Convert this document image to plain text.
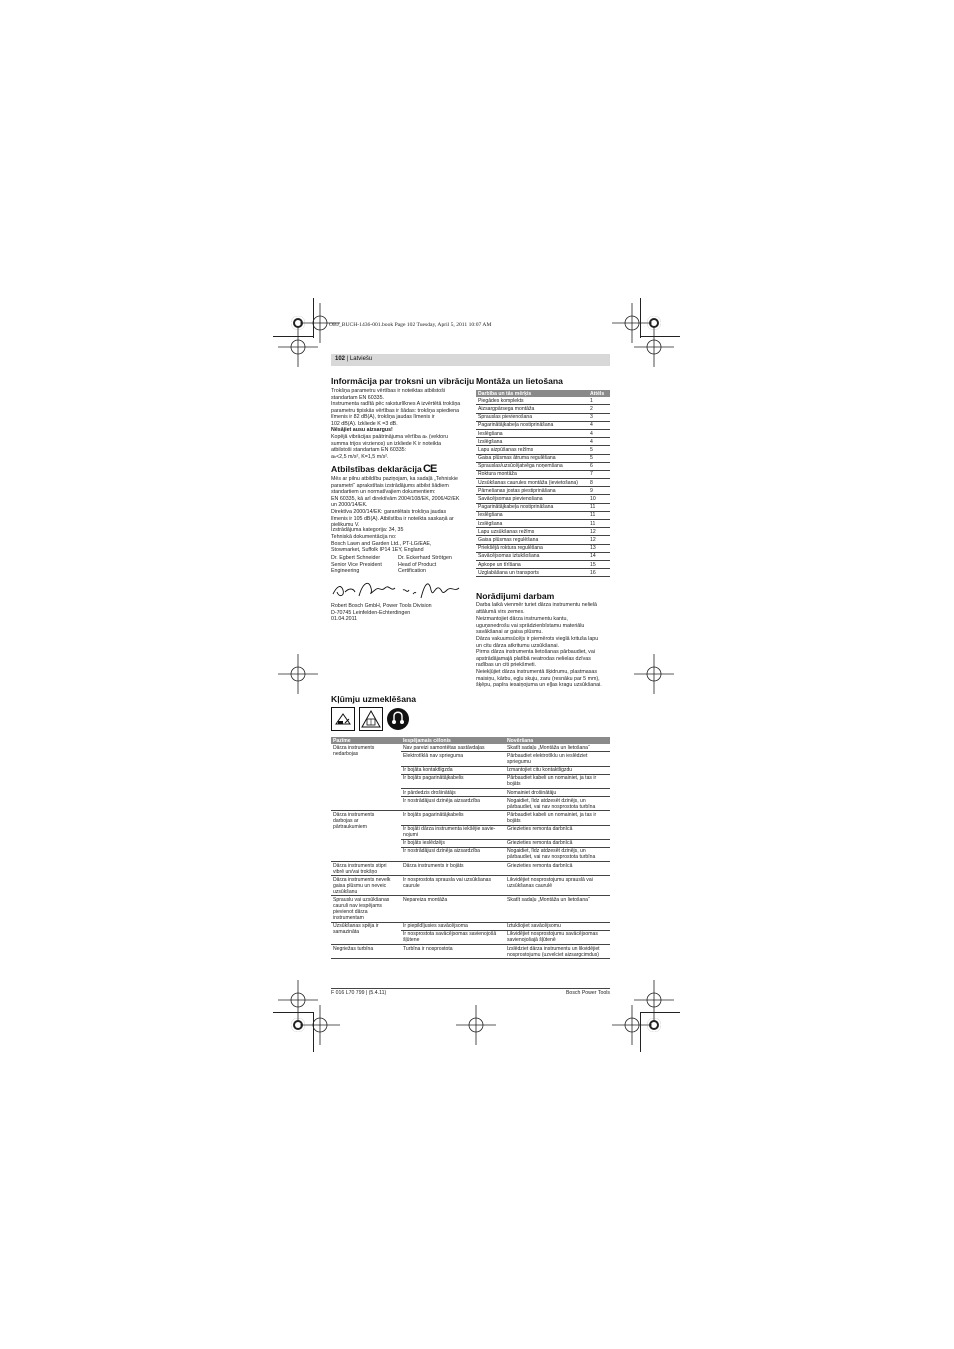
OBJ_BUCH-1436-001.book Page 102 Tuesday, April 5, 2011 10:07 AM
102 | Latviešu
Informācija par troksni un vibrāciju
Trokšņa parametru vērtības ir noteiktas atbilstoši
standartam EN 60335.
Instrumenta radītā pēc raksturlīknes A izvērtētā trokšņa
parametru tipiskās vērtības ir šādas: trokšņa spiediena
līmenis ir 82 dB(A), trokšņa jaudas līmenis ir
102 dB(A). Izkliede K =3 dB.
Nēsājiet ausu aizsargus!
Kopējā vibrācijas paātrinājuma vērtība aₕ (vektoru
summa trijos virzienos) un izkliede K ir noteikta
atbilstoši standartam EN 60335:
aₕ<2,5 m/s², K=1,5 m/s².
Atbilstības deklarācija CE
Mēs ar pilnu atbildību paziņojam, ka sadaļā „Tehniskie
parametri“ aprakstītais izstrādājums atbilst šādiem
standartiem un normatīvajiem dokumentiem:
EN 60335, kā arī direktīvām 2004/108/EK, 2006/42/EK
un 2000/14/EK.
Direktīva 2000/14/EK: garantētais trokšņa jaudas
līmenis ir 105 dB(A). Atbilstība ir noteikta saskaņā ar
pielikumu V.
Izstrādājuma kategorija: 34, 35
Tehniskā dokumentācija no:
Bosch Lawn and Garden Ltd., PT-LG/EAE,
Stowmarket, Suffolk IP14 1EY, England
Dr. Egbert Schneider
Senior Vice President
Engineering
Dr. Eckerhard Strötgen
Head of Product
Certification
Robert Bosch GmbH, Power Tools Division
D-70745 Leinfelden-Echterdingen
01.04.2011
Montāža un lietošana
Darbība un tās mērķis	Attēls
Piegādes komplekts	1
Aizsargpārsega montāža	2
Sprauslas pievienošana	3
Pagarinātājkabeļa nostiprināšana	4
Ieslēgšana	4
Izslēgšana	4
Lapu aizpūšanas režīms	5
Gaisa plūsmas ātruma regulēšana	5
Sprauslas/uzsūcējatvēga noņemšana	6
Roktura montāža	7
Uzsūkšanas caurules montāža (ievietošana)	8
Pārnešanas jostas piestiprināšana	9
Savācējsomas pievienošana	10
Pagarinātājkabeļa nostiprināšana	11
Ieslēgšana	11
Izslēgšana	11
Lapu uzsūkšanas režīms	12
Gaisa plūsmas regulēšana	12
Priekšējā roktura regulēšana	13
Savācējsomas iztukšošana	14
Apkope un tīrīšana	15
Uzglabāšana un transports	16
Norādījumi darbam
Darba laikā vienmēr turiet dārza instrumentu nelielā
attālumā virs zemes.
Neizmantojiet dārza instrumentu kantu,
uguņsnedrošu vai sprādzienbīstamu materiālu
savākšanai ar gaisa plūsmu.
Dārza vakuumsūcējs ir piemērots vieglā krituša lapu
un citu dārza atkritumu uzsūkšanai.
Pirms dārza instrumenta lietošanas pārbaudiet, vai
apstrādājamajā platībā neatrodas nelielas dzīvas
radības un citi priekšmeti.
Neiekļūjiet dārza instrumentā šķidrumu, plastmasas
maisiņu, kārbu, egļu skuju, zaru (resnāku par 5 mm),
šķēpu, papīra iesaiņojuma un eļļas kragu uzsūkšanai.
Kļūmju uzmeklēšana
Pazīme	Iespējamais cēlonis	Novēršana
Dārza instruments
nedarbojas	Nav pareizi samontētas sastāvdaļas	Skatīt sadaļu „Montāža un lietošana“
	Elektrotīklā nav sprieguma	Pārbaudiet elektrotīklu un ieslēdziet
spriegumu
	Ir bojāta kontaktligzda	Izmantojiet citu kontaktligzdu
	Ir bojāts pagarinātājkabelis	Pārbaudiet kabeli un nomainiet, ja tas ir
bojāts
	Ir pārdedzis drošinātājs	Nomainiet drošinātāju
	Ir nostrādājusi dzinēja aizsardzība	Nogaidiet, līdz atdzesēt dzinējs, un
pārbaudiet, vai nav nosprostota turbīna
Dārza instruments
darbojas ar
pārtraukumiem	Ir bojāts pagarinātājkabelis	Pārbaudiet kabeli un nomainiet, ja tas ir
bojāts
	Ir bojāti dārza instrumenta iekšējie savie-
nojumi	Griezieties remonta darbnīcā
	Ir bojāts ieslēdzējs	Griezieties remonta darbnīcā
	Ir nostrādājusi dzinēja aizsardzība	Nogaidiet, līdz atdzesēt dzinējs, un
pārbaudiet, vai nav nosprostota turbīna
Dārza instruments stipri
vibrē un/vai trokšņo	Dārza instruments ir bojāts	Griezieties remonta darbnīcā
Dārza instruments nevelk
gaisa plūsmu un neveic
uzsūkšanu	Ir nosprostota sprausla vai uzsūkšanas
caurule	Likvidējiet nosprostojumu sprauslā vai
uzsūkšanas caurulē
Sprauslu vai uzsūkšanas
cauruli nav iespējams
pievienot dārza
instrumentam	Nepareiza montāža	Skatīt sadaļu „Montāža un lietošana“
Uzsūkšanas spēja ir
samazināta	Ir piepildījusies savācējsoma	Iztukšojiet savācējsomu
	Ir nosprostota savācējsomas savienojošā
šļūtene	Likvidējiet nosprostojumu savācējsomas
savienojošajā šļūtenē
Negriežas turbīna	Turbīna ir nosprostota	Izslēdziet dārza instrumentu un likvidējiet
nosprostojumu (uzvelciet aizsargcimdus)
F 016 L70 799 | (5.4.11)	Bosch Power Tools
